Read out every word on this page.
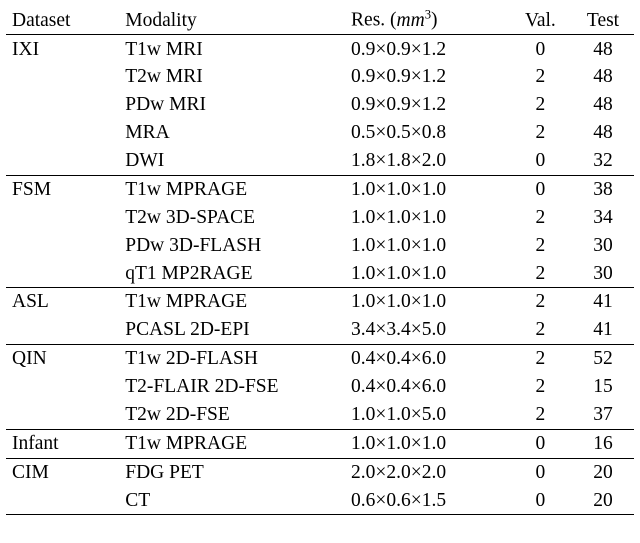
Dataset	Modality	Res. $(mm^3)$	Val.	Test
IXI	T1w MRI	0.9×0.9×1.2	0	48
	T2w MRI	0.9×0.9×1.2	2	48
	PDw MRI	0.9×0.9×1.2	2	48
	MRA	0.5×0.5×0.8	2	48
	DWI	1.8×1.8×2.0	0	32
FSM	T1w MPRAGE	1.0×1.0×1.0	0	38
	T2w 3D-SPACE	1.0×1.0×1.0	2	34
	PDw 3D-FLASH	1.0×1.0×1.0	2	30
	qT1 MP2RAGE	1.0×1.0×1.0	2	30
ASL	T1w MPRAGE	1.0×1.0×1.0	2	41
	PCASL 2D-EPI	3.4×3.4×5.0	2	41
QIN	T1w 2D-FLASH	0.4×0.4×6.0	2	52
	T2-FLAIR 2D-FSE	0.4×0.4×6.0	2	15
	T2w 2D-FSE	1.0×1.0×5.0	2	37
Infant	T1w MPRAGE	1.0×1.0×1.0	0	16
CIM	FDG PET	2.0×2.0×2.0	0	20
	CT	0.6×0.6×1.5	0	20
